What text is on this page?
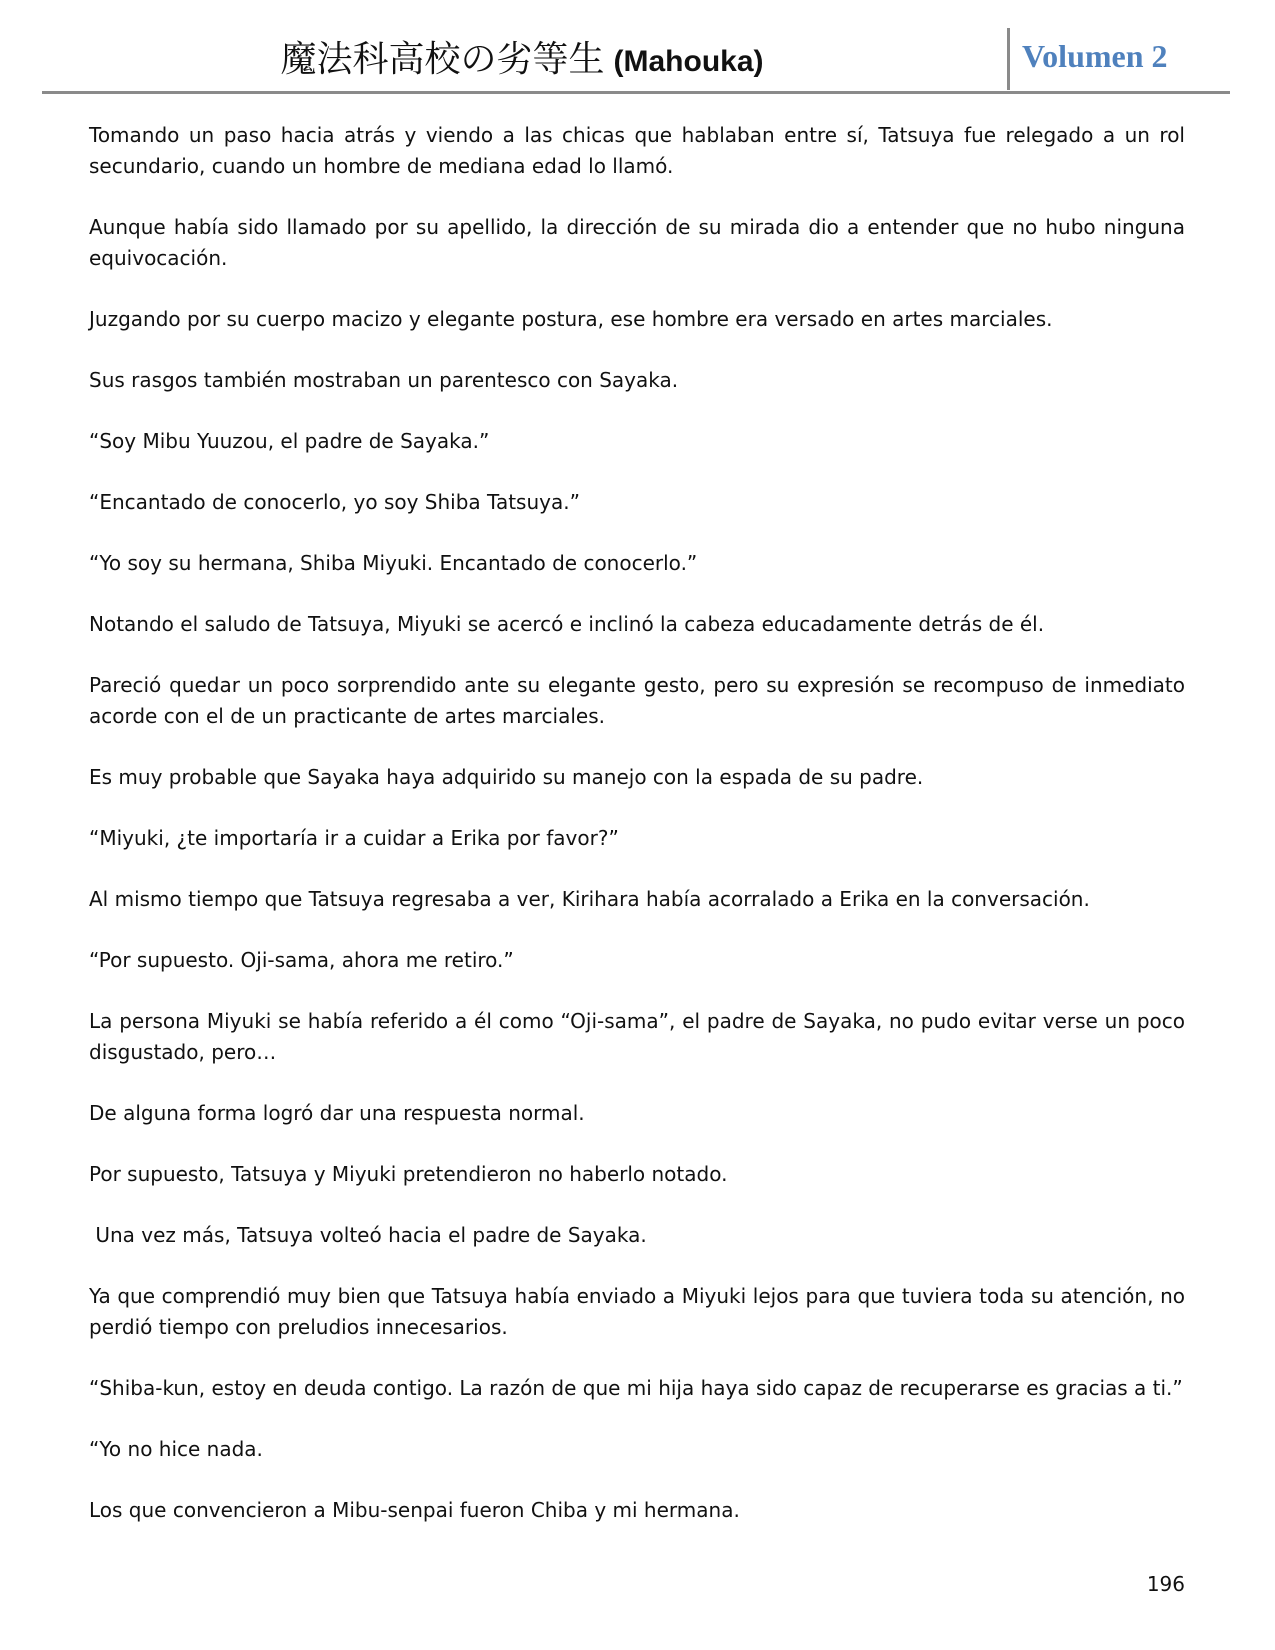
魔法科高校の劣等生 (Mahouka)	Volumen 2

Tomando un paso hacia atrás y viendo a las chicas que hablaban entre sí, Tatsuya fue relegado a un rol secundario, cuando un hombre de mediana edad lo llamó.

Aunque había sido llamado por su apellido, la dirección de su mirada dio a entender que no hubo ninguna equivocación.

Juzgando por su cuerpo macizo y elegante postura, ese hombre era versado en artes marciales.

Sus rasgos también mostraban un parentesco con Sayaka.

“Soy Mibu Yuuzou, el padre de Sayaka.”

“Encantado de conocerlo, yo soy Shiba Tatsuya.”

“Yo soy su hermana, Shiba Miyuki. Encantado de conocerlo.”

Notando el saludo de Tatsuya, Miyuki se acercó e inclinó la cabeza educadamente detrás de él.

Pareció quedar un poco sorprendido ante su elegante gesto, pero su expresión se recompuso de inmediato acorde con el de un practicante de artes marciales.

Es muy probable que Sayaka haya adquirido su manejo con la espada de su padre.

“Miyuki, ¿te importaría ir a cuidar a Erika por favor?”

Al mismo tiempo que Tatsuya regresaba a ver, Kirihara había acorralado a Erika en la conversación.

“Por supuesto. Oji-sama, ahora me retiro.”

La persona Miyuki se había referido a él como “Oji-sama”, el padre de Sayaka, no pudo evitar verse un poco disgustado, pero…

De alguna forma logró dar una respuesta normal.

Por supuesto, Tatsuya y Miyuki pretendieron no haberlo notado.

Una vez más, Tatsuya volteó hacia el padre de Sayaka.

Ya que comprendió muy bien que Tatsuya había enviado a Miyuki lejos para que tuviera toda su atención, no perdió tiempo con preludios innecesarios.

“Shiba-kun, estoy en deuda contigo. La razón de que mi hija haya sido capaz de recuperarse es gracias a ti.”

“Yo no hice nada.

Los que convencieron a Mibu-senpai fueron Chiba y mi hermana.

196
